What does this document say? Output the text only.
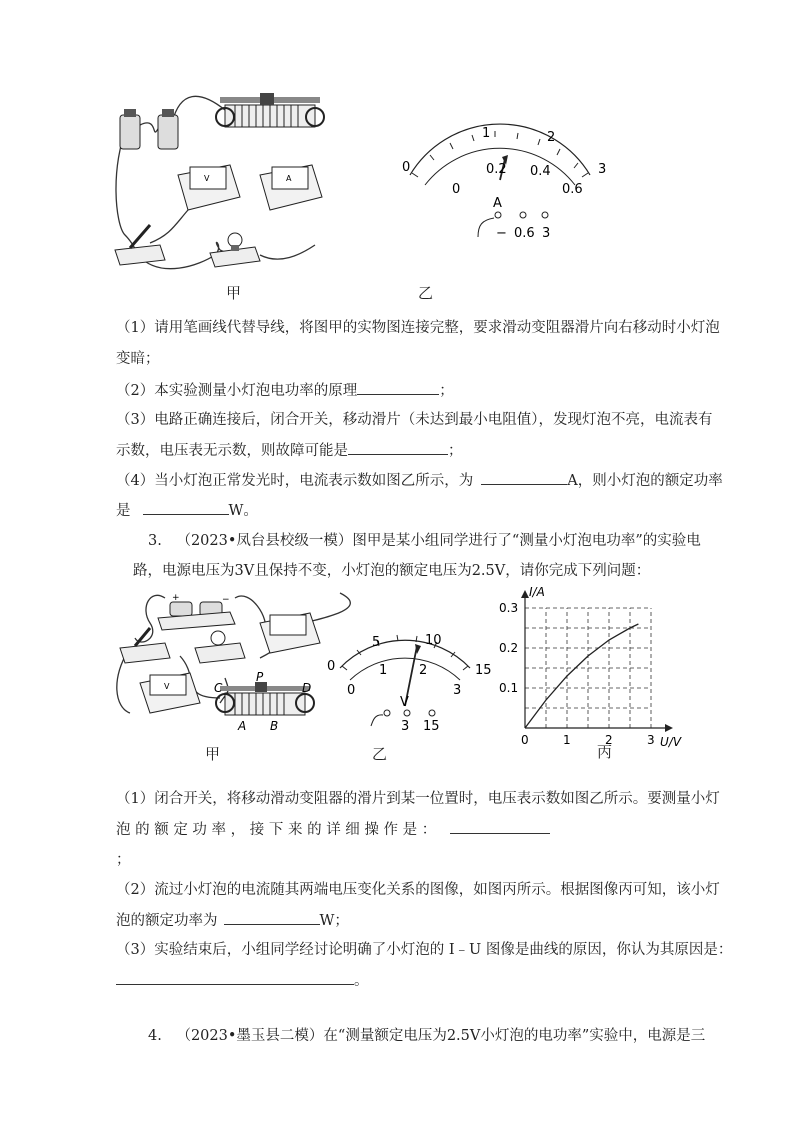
V	A
0
1	2
3
0
0.2 0.4
0.6
A
− 0.6 3
甲	乙
（1）请用笔画线代替导线，将图甲的实物图连接完整，要求滑动变阻器滑片向右移动时小灯泡
变暗；
（2）本实验测量小灯泡电功率的原理	；
（3）电路正确连接后，闭合开关，移动滑片（未达到最小电阻值），发现灯泡不亮，电流表有
示数，电压表无示数，则故障可能是	；
（4）当小灯泡正常发光时，电流表示数如图乙所示，为	A，则小灯泡的额定功率
是	W。
3. （2023•凤台县校级一模）图甲是某小组同学进行了“测量小灯泡电功率”的实验电
路，电源电压为3V且保持不变，小灯泡的额定电压为2.5V，请你完成下列问题：
+	−
V	C
P
D
A B
0
5	10
15
0
1 2
3
V
3 15
0	1	2	3
0.1
0.2
0.3
I/A
U/V
甲	乙	丙
（1）闭合开关，将移动滑动变阻器的滑片到某一位置时，电压表示数如图乙所示。要测量小灯
泡 的 额 定 功 率 ， 接 下 来 的 详 细 操 作 是 ：
；
（2）流过小灯泡的电流随其两端电压变化关系的图像，如图丙所示。根据图像丙可知，该小灯
泡的额定功率为	W；
（3）实验结束后，小组同学经讨论明确了小灯泡的 I﹣U 图像是曲线的原因，你认为其原因是：
。
4. （2023•墨玉县二模）在“测量额定电压为2.5V小灯泡的电功率”实验中，电源是三
